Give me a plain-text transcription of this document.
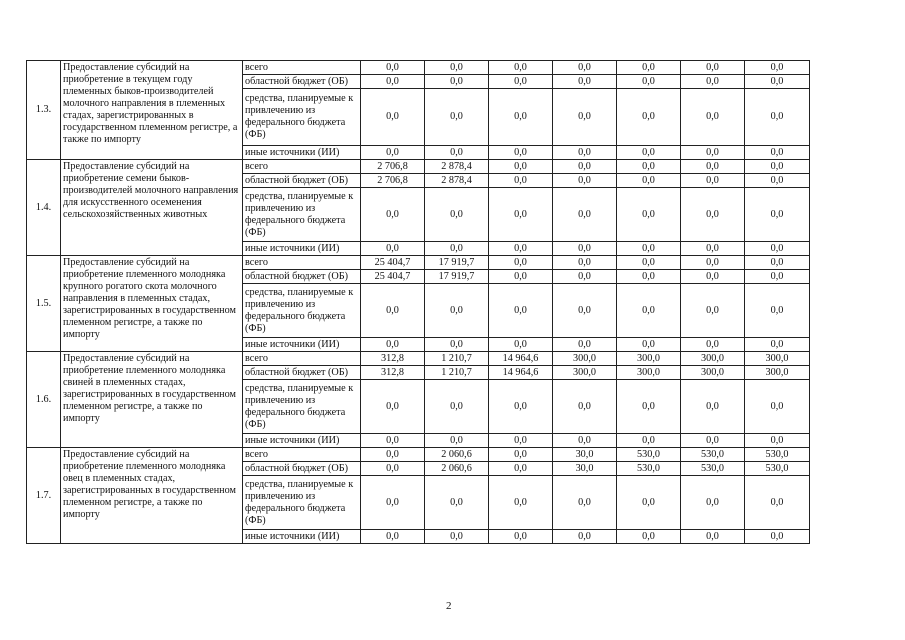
1.3.	Предоставление субсидий на приобретение в текущем году племенных быков-производителей молочного направления в племенных стадах, зарегистрированных в государственном племенном регистре, а также по импорту	всего	0,0	0,0	0,0	0,0	0,0	0,0	0,0
		областной бюджет (ОБ)	0,0	0,0	0,0	0,0	0,0	0,0	0,0
		средства, планируемые к привлечению из федерального бюджета (ФБ)	0,0	0,0	0,0	0,0	0,0	0,0	0,0
		иные источники (ИИ)	0,0	0,0	0,0	0,0	0,0	0,0	0,0
1.4.	Предоставление субсидий на приобретение семени быков-производителей молочного направления для искусственного осеменения сельскохозяйственных животных	всего	2 706,8	2 878,4	0,0	0,0	0,0	0,0	0,0
		областной бюджет (ОБ)	2 706,8	2 878,4	0,0	0,0	0,0	0,0	0,0
		средства, планируемые к привлечению из федерального бюджета (ФБ)	0,0	0,0	0,0	0,0	0,0	0,0	0,0
		иные источники (ИИ)	0,0	0,0	0,0	0,0	0,0	0,0	0,0
1.5.	Предоставление субсидий на приобретение племенного молодняка крупного рогатого скота молочного направления в племенных стадах, зарегистрированных в государственном племенном регистре, а также по импорту	всего	25 404,7	17 919,7	0,0	0,0	0,0	0,0	0,0
		областной бюджет (ОБ)	25 404,7	17 919,7	0,0	0,0	0,0	0,0	0,0
		средства, планируемые к привлечению из федерального бюджета (ФБ)	0,0	0,0	0,0	0,0	0,0	0,0	0,0
		иные источники (ИИ)	0,0	0,0	0,0	0,0	0,0	0,0	0,0
1.6.	Предоставление субсидий на приобретение племенного молодняка свиней в племенных стадах, зарегистрированных в государственном племенном регистре, а также по импорту	всего	312,8	1 210,7	14 964,6	300,0	300,0	300,0	300,0
		областной бюджет (ОБ)	312,8	1 210,7	14 964,6	300,0	300,0	300,0	300,0
		средства, планируемые к привлечению из федерального бюджета (ФБ)	0,0	0,0	0,0	0,0	0,0	0,0	0,0
		иные источники (ИИ)	0,0	0,0	0,0	0,0	0,0	0,0	0,0
1.7.	Предоставление субсидий на приобретение племенного молодняка овец в племенных стадах, зарегистрированных в государственном племенном регистре, а также по импорту	всего	0,0	2 060,6	0,0	30,0	530,0	530,0	530,0
		областной бюджет (ОБ)	0,0	2 060,6	0,0	30,0	530,0	530,0	530,0
		средства, планируемые к привлечению из федерального бюджета (ФБ)	0,0	0,0	0,0	0,0	0,0	0,0	0,0
		иные источники (ИИ)	0,0	0,0	0,0	0,0	0,0	0,0	0,0
2
